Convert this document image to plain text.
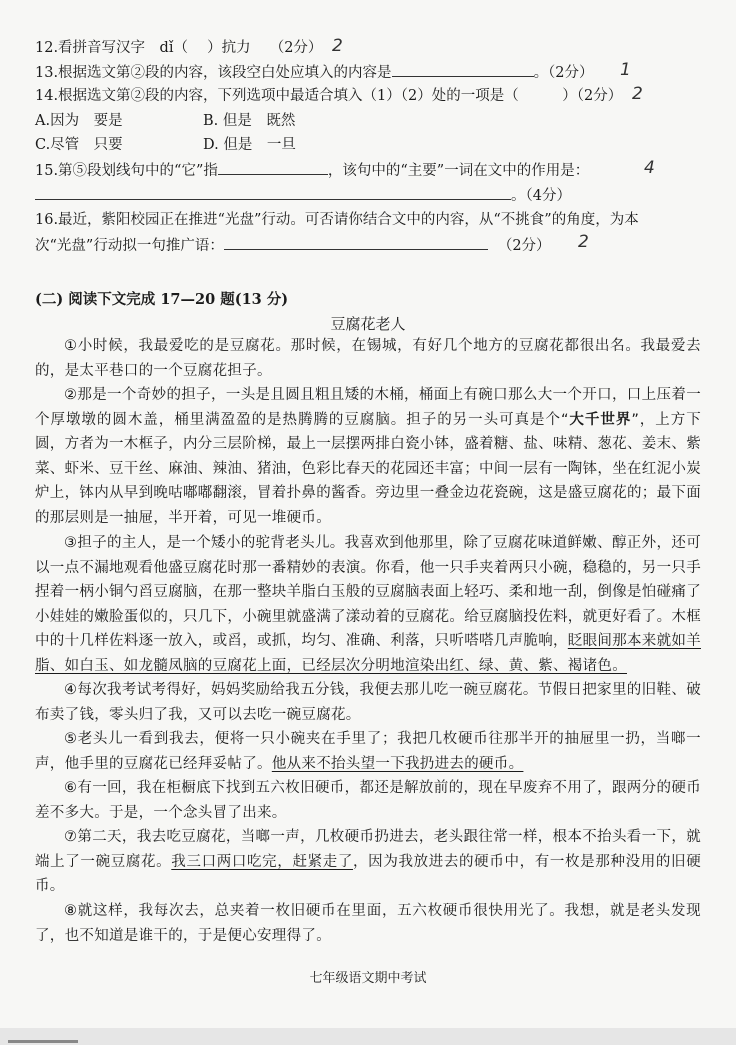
12.看拼音写汉字　dǐ（　 ）抗力　 （2分） 2
13.根据选文第②段的内容，该段空白处应填入的内容是	。（2分）	1
14.根据选文第②段的内容，下列选项中最适合填入（1）（2）处的一项是（　　　）（2分） 2
A.因为　要是	B. 但是　既然
C.尽管　只要	D. 但是　一旦
15.第⑤段划线句中的“它”指	，该句中的“主要”一词在文中的作用是：	4
。（4分）
16.最近，紫阳校园正在推进“光盘”行动。可否请你结合文中的内容，从“不挑食”的角度，为本
次“光盘”行动拟一句推广语：	（2分）	2
(二) 阅读下文完成 17—20 题(13 分)
豆腐花老人
①小时候，我最爱吃的是豆腐花。那时候，在锡城，有好几个地方的豆腐花都很出名。我最爱去的，是太平巷口的一个豆腐花担子。
②那是一个奇妙的担子，一头是且圆且粗且矮的木桶，桶面上有碗口那么大一个开口，口上压着一个厚墩墩的圆木盖，桶里满盈盈的是热腾腾的豆腐脑。担子的另一头可真是个“大千世界”，上方下圆，方者为一木框子，内分三层阶梯，最上一层摆两排白瓷小钵，盛着糖、盐、味精、葱花、姜末、紫菜、虾米、豆干丝、麻油、辣油、猪油，色彩比春天的花园还丰富；中间一层有一陶钵，坐在红泥小炭炉上，钵内从早到晚咕嘟嘟翻滚，冒着扑鼻的酱香。旁边里一叠金边花瓷碗，这是盛豆腐花的；最下面的那层则是一抽屉，半开着，可见一堆硬币。
③担子的主人，是一个矮小的驼背老头儿。我喜欢到他那里，除了豆腐花味道鲜嫩、醇正外，还可以一点不漏地观看他盛豆腐花时那一番精妙的表演。你看，他一只手夹着两只小碗，稳稳的，另一只手捏着一柄小铜勺舀豆腐脑，在那一整块羊脂白玉般的豆腐脑表面上轻巧、柔和地一刮，倒像是怕碰痛了小娃娃的嫩脸蛋似的，只几下，小碗里就盛满了漾动着的豆腐花。给豆腐脑投佐料，就更好看了。木框中的十几样佐料逐一放入，或舀，或抓，均匀、准确、利落，只听嗒嗒几声脆响，眨眼间那本来就如羊脂、如白玉、如龙髓凤脑的豆腐花上面，已经层次分明地渲染出红、绿、黄、紫、褐诸色。
④每次我考试考得好，妈妈奖励给我五分钱，我便去那儿吃一碗豆腐花。节假日把家里的旧鞋、破布卖了钱，零头归了我，又可以去吃一碗豆腐花。
⑤老头儿一看到我去，便将一只小碗夹在手里了；我把几枚硬币往那半开的抽屉里一扔，当啷一声，他手里的豆腐花已经拜妥帖了。他从来不抬头望一下我扔进去的硬币。
⑥有一回，我在柜橱底下找到五六枚旧硬币，都还是解放前的，现在早废弃不用了，跟两分的硬币差不多大。于是，一个念头冒了出来。
⑦第二天，我去吃豆腐花，当啷一声，几枚硬币扔进去，老头跟往常一样，根本不抬头看一下，就端上了一碗豆腐花。我三口两口吃完，赶紧走了，因为我放进去的硬币中，有一枚是那种没用的旧硬币。
⑧就这样，我每次去，总夹着一枚旧硬币在里面，五六枚硬币很快用光了。我想，就是老头发现了，也不知道是谁干的，于是便心安理得了。
七年级语文期中考试
